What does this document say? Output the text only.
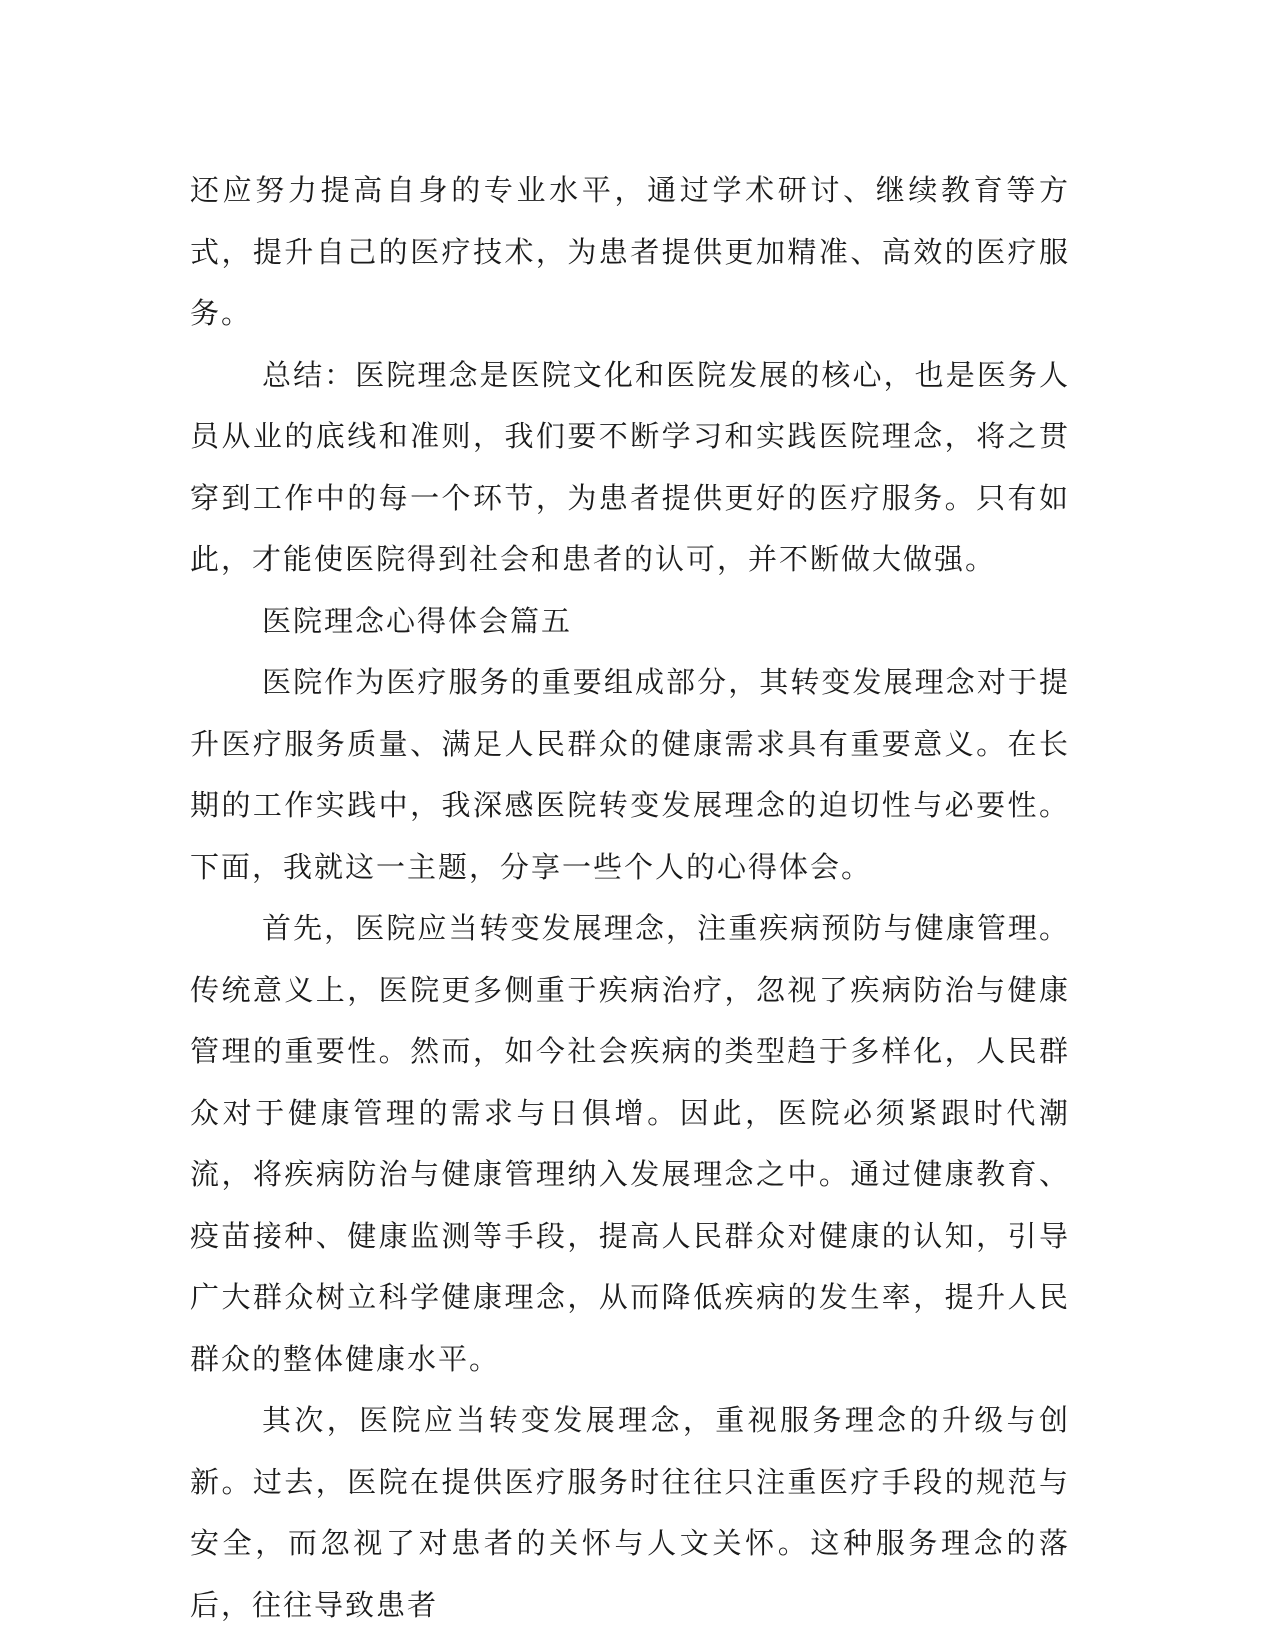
还应努力提高自身的专业水平，通过学术研讨、继续教育等方式，提升自己的医疗技术，为患者提供更加精准、高效的医疗服务。

总结：医院理念是医院文化和医院发展的核心，也是医务人员从业的底线和准则，我们要不断学习和实践医院理念，将之贯穿到工作中的每一个环节，为患者提供更好的医疗服务。只有如此，才能使医院得到社会和患者的认可，并不断做大做强。

医院理念心得体会篇五

医院作为医疗服务的重要组成部分，其转变发展理念对于提升医疗服务质量、满足人民群众的健康需求具有重要意义。在长期的工作实践中，我深感医院转变发展理念的迫切性与必要性。下面，我就这一主题，分享一些个人的心得体会。

首先，医院应当转变发展理念，注重疾病预防与健康管理。传统意义上，医院更多侧重于疾病治疗，忽视了疾病防治与健康管理的重要性。然而，如今社会疾病的类型趋于多样化，人民群众对于健康管理的需求与日俱增。因此，医院必须紧跟时代潮流，将疾病防治与健康管理纳入发展理念之中。通过健康教育、疫苗接种、健康监测等手段，提高人民群众对健康的认知，引导广大群众树立科学健康理念，从而降低疾病的发生率，提升人民群众的整体健康水平。

其次，医院应当转变发展理念，重视服务理念的升级与创新。过去，医院在提供医疗服务时往往只注重医疗手段的规范与安全，而忽视了对患者的关怀与人文关怀。这种服务理念的落后，往往导致患者
